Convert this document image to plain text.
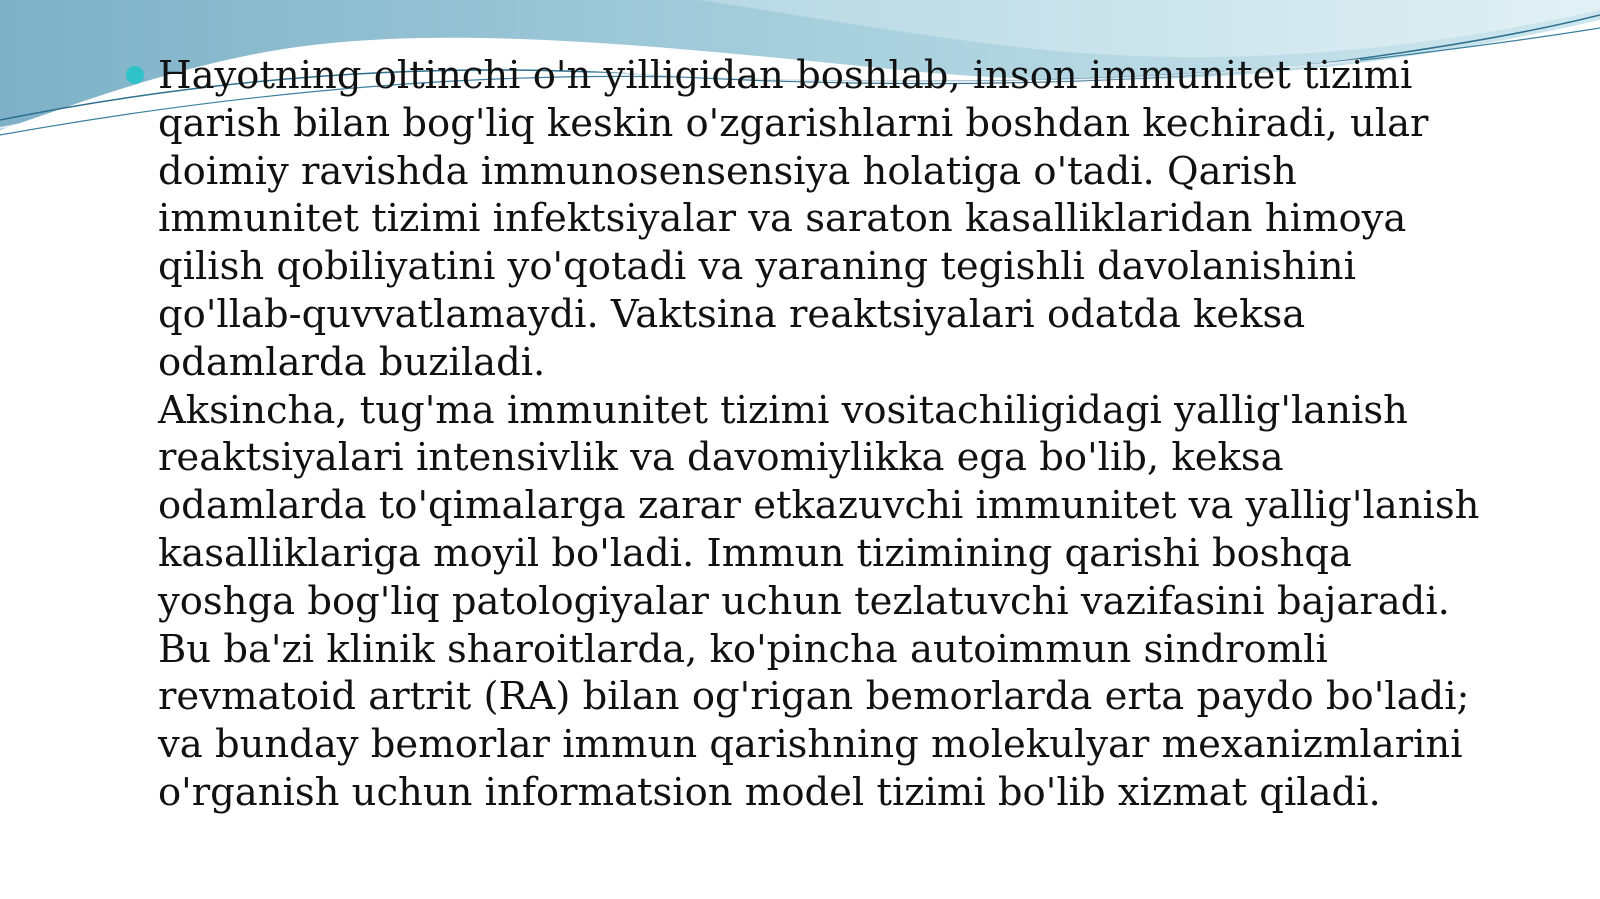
Hayotning oltinchi o'n yilligidan boshlab, inson immunitet tizimi
qarish bilan bog'liq keskin o'zgarishlarni boshdan kechiradi, ular
doimiy ravishda immunosensensiya holatiga o'tadi. Qarish
immunitet tizimi infektsiyalar va saraton kasalliklaridan himoya
qilish qobiliyatini yo'qotadi va yaraning tegishli davolanishini
qo'llab-quvvatlamaydi. Vaktsina reaktsiyalari odatda keksa
odamlarda buziladi.
Aksincha, tug'ma immunitet tizimi vositachiligidagi yallig'lanish
reaktsiyalari intensivlik va davomiylikka ega bo'lib, keksa
odamlarda to'qimalarga zarar etkazuvchi immunitet va yallig'lanish
kasalliklariga moyil bo'ladi. Immun tizimining qarishi boshqa
yoshga bog'liq patologiyalar uchun tezlatuvchi vazifasini bajaradi.
Bu ba'zi klinik sharoitlarda, ko'pincha autoimmun sindromli
revmatoid artrit (RA) bilan og'rigan bemorlarda erta paydo bo'ladi;
va bunday bemorlar immun qarishning molekulyar mexanizmlarini
o'rganish uchun informatsion model tizimi bo'lib xizmat qiladi.
